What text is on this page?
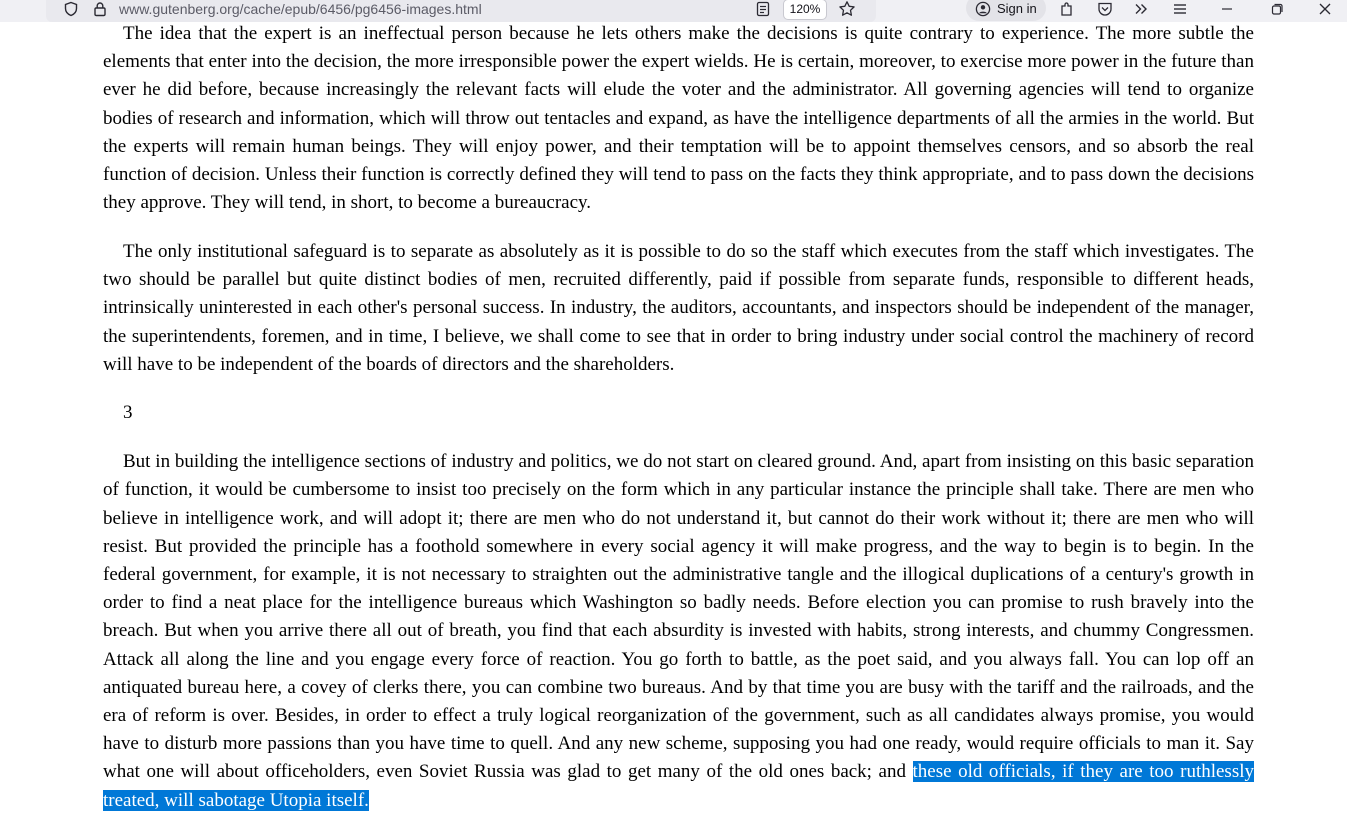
www.gutenberg.org/cache/epub/6456/pg6456-images.html	120%	Sign in

The idea that the expert is an ineffectual person because he lets others make the decisions is quite contrary to experience. The more subtle the elements that enter into the decision, the more irresponsible power the expert wields. He is certain, moreover, to exercise more power in the future than ever he did before, because increasingly the relevant facts will elude the voter and the administrator. All governing agencies will tend to organize bodies of research and information, which will throw out tentacles and expand, as have the intelligence departments of all the armies in the world. But the experts will remain human beings. They will enjoy power, and their temptation will be to appoint themselves censors, and so absorb the real function of decision. Unless their function is correctly defined they will tend to pass on the facts they think appropriate, and to pass down the decisions they approve. They will tend, in short, to become a bureaucracy.

The only institutional safeguard is to separate as absolutely as it is possible to do so the staff which executes from the staff which investigates. The two should be parallel but quite distinct bodies of men, recruited differently, paid if possible from separate funds, responsible to different heads, intrinsically uninterested in each other's personal success. In industry, the auditors, accountants, and inspectors should be independent of the manager, the superintendents, foremen, and in time, I believe, we shall come to see that in order to bring industry under social control the machinery of record will have to be independent of the boards of directors and the shareholders.

3

But in building the intelligence sections of industry and politics, we do not start on cleared ground. And, apart from insisting on this basic separation of function, it would be cumbersome to insist too precisely on the form which in any particular instance the principle shall take. There are men who believe in intelligence work, and will adopt it; there are men who do not understand it, but cannot do their work without it; there are men who will resist. But provided the principle has a foothold somewhere in every social agency it will make progress, and the way to begin is to begin. In the federal government, for example, it is not necessary to straighten out the administrative tangle and the illogical duplications of a century's growth in order to find a neat place for the intelligence bureaus which Washington so badly needs. Before election you can promise to rush bravely into the breach. But when you arrive there all out of breath, you find that each absurdity is invested with habits, strong interests, and chummy Congressmen. Attack all along the line and you engage every force of reaction. You go forth to battle, as the poet said, and you always fall. You can lop off an antiquated bureau here, a covey of clerks there, you can combine two bureaus. And by that time you are busy with the tariff and the railroads, and the era of reform is over. Besides, in order to effect a truly logical reorganization of the government, such as all candidates always promise, you would have to disturb more passions than you have time to quell. And any new scheme, supposing you had one ready, would require officials to man it. Say what one will about officeholders, even Soviet Russia was glad to get many of the old ones back; and these old officials, if they are too ruthlessly treated, will sabotage Utopia itself.
